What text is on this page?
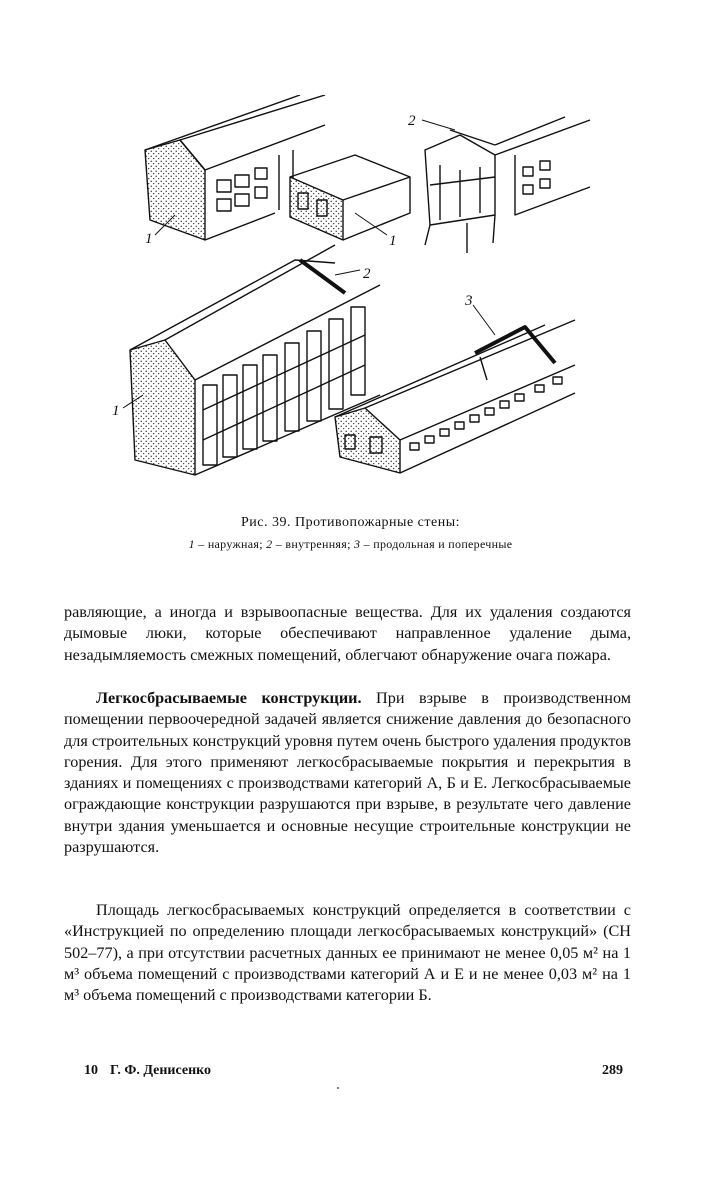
1	1
2
2
1
3
Рис. 39. Противопожарные стены:
1 – наружная; 2 – внутренняя; 3 – продольная и поперечные
равляющие, а иногда и взрывоопасные вещества. Для их удаления создаются дымовые люки, которые обеспечивают направленное удаление дыма, незадымляемость смежных помещений, облегчают обнаружение очага пожара.
Легкосбрасываемые конструкции. При взрыве в производственном помещении первоочередной задачей является снижение давления до безопасного для строительных конструкций уровня путем очень быстрого удаления продуктов горения. Для этого применяют легкосбрасываемые покрытия и перекрытия в зданиях и помещениях с производствами категорий А, Б и Е. Легкосбрасываемые ограждающие конструкции разрушаются при взрыве, в результате чего давление внутри здания уменьшается и основные несущие строительные конструкции не разрушаются.
Площадь легкосбрасываемых конструкций определяется в соответствии с «Инструкцией по определению площади легкосбрасываемых конструкций» (СН 502–77), а при отсутствии расчетных данных ее принимают не менее 0,05 м² на 1 м³ объема помещений с производствами категорий А и Е и не менее 0,03 м² на 1 м³ объема помещений с производствами категории Б.
10 Г. Ф. Денисенко	289
